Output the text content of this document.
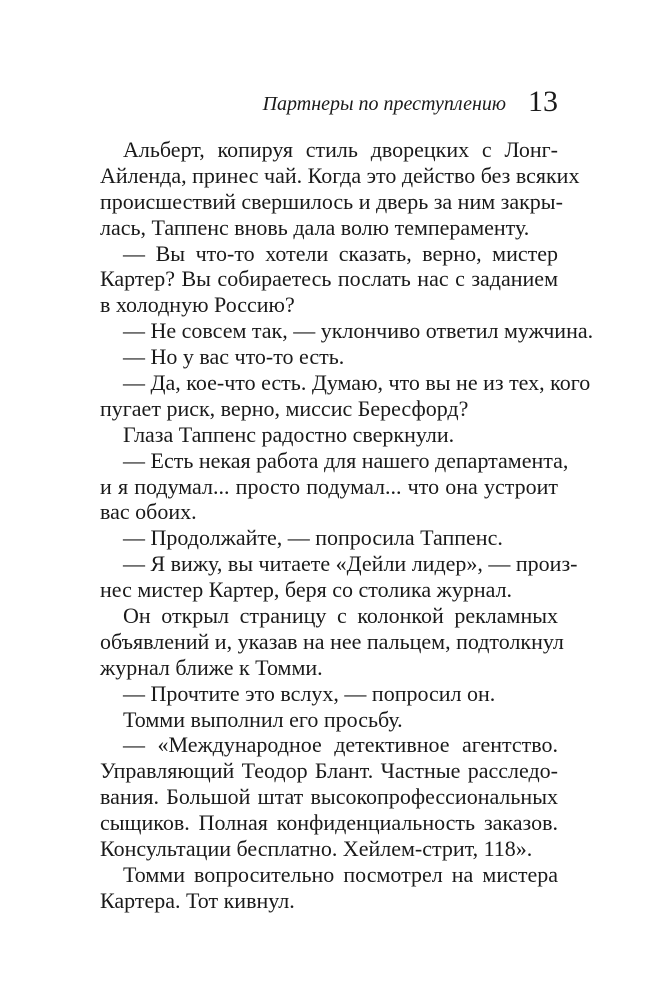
Партнеры по преступлению 13
Альберт, копируя стиль дворецких с Лонг-
Айленда, принес чай. Когда это действо без всяких
происшествий свершилось и дверь за ним закры-
лась, Таппенс вновь дала волю темпераменту.
— Вы что-то хотели сказать, верно, мистер
Картер? Вы собираетесь послать нас с заданием
в холодную Россию?
— Не совсем так, — уклончиво ответил мужчина.
— Но у вас что-то есть.
— Да, кое-что есть. Думаю, что вы не из тех, кого
пугает риск, верно, миссис Бересфорд?
Глаза Таппенс радостно сверкнули.
— Есть некая работа для нашего департамента,
и я подумал... просто подумал... что она устроит
вас обоих.
— Продолжайте, — попросила Таппенс.
— Я вижу, вы читаете «Дейли лидер», — произ-
нес мистер Картер, беря со столика журнал.
Он открыл страницу с колонкой рекламных
объявлений и, указав на нее пальцем, подтолкнул
журнал ближе к Томми.
— Прочтите это вслух, — попросил он.
Томми выполнил его просьбу.
— «Международное детективное агентство.
Управляющий Теодор Блант. Частные расследо-
вания. Большой штат высокопрофессиональных
сыщиков. Полная конфиденциальность заказов.
Консультации бесплатно. Хейлем-стрит, 118».
Томми вопросительно посмотрел на мистера
Картера. Тот кивнул.
